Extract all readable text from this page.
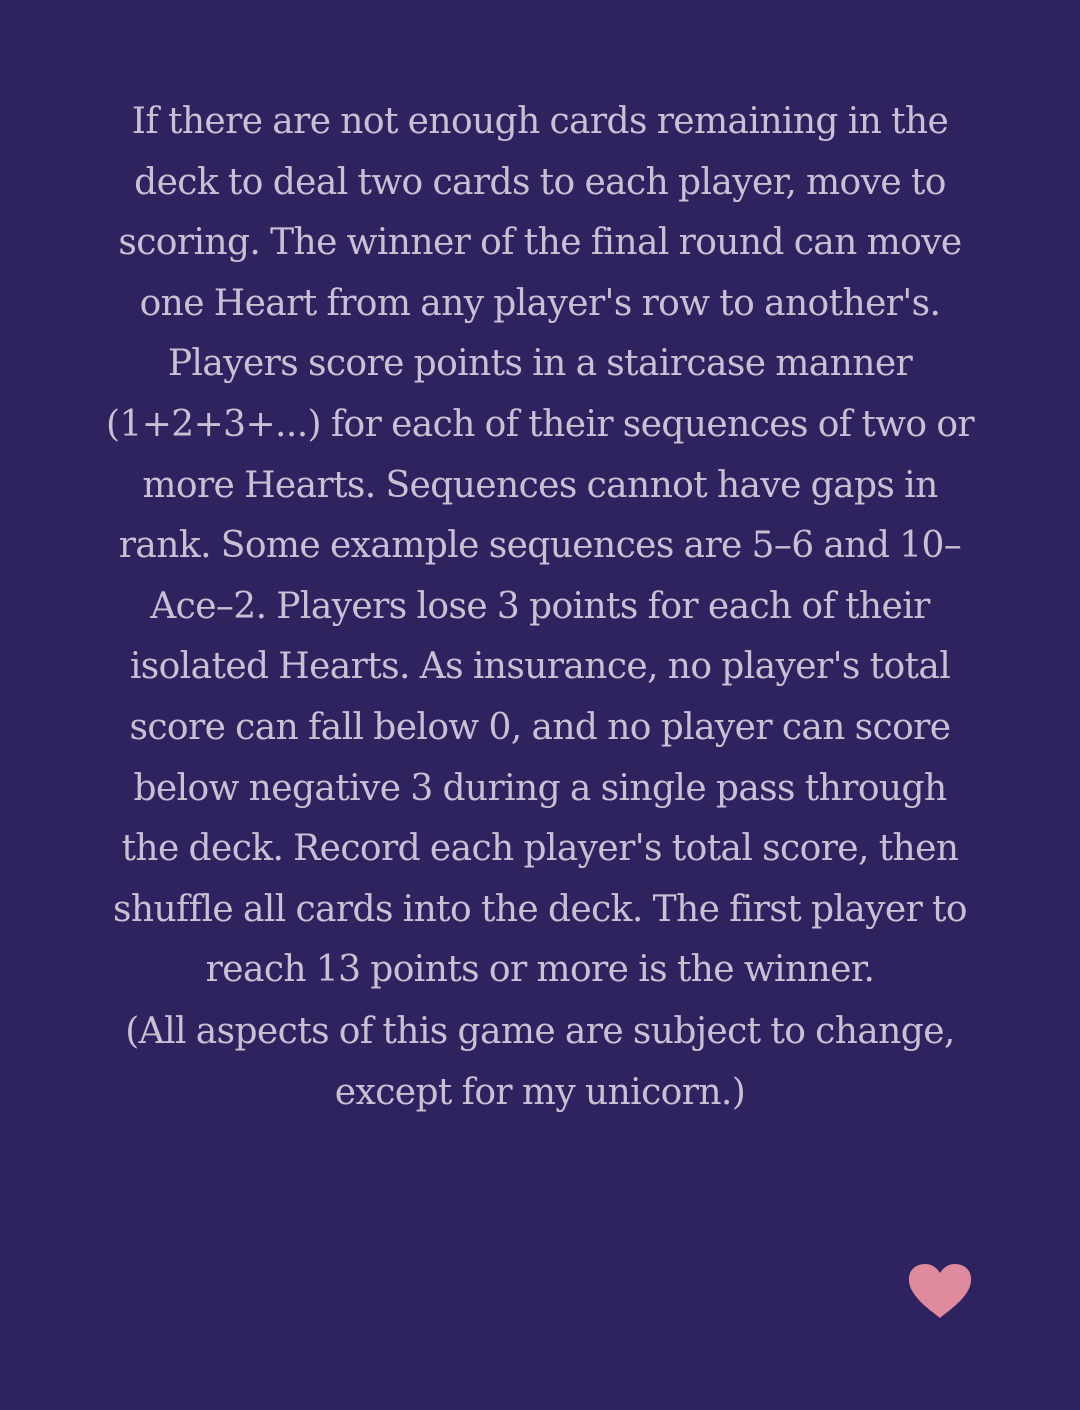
If there are not enough cards remaining in the deck to deal two cards to each player, move to scoring. The winner of the final round can move one Heart from any player's row to another's. Players score points in a staircase manner (1+2+3+...) for each of their sequences of two or more Hearts. Sequences cannot have gaps in rank. Some example sequences are 5–6 and 10–Ace–2. Players lose 3 points for each of their isolated Hearts. As insurance, no player's total score can fall below 0, and no player can score below negative 3 during a single pass through the deck. Record each player's total score, then shuffle all cards into the deck. The first player to reach 13 points or more is the winner.

(All aspects of this game are subject to change, except for my unicorn.)
